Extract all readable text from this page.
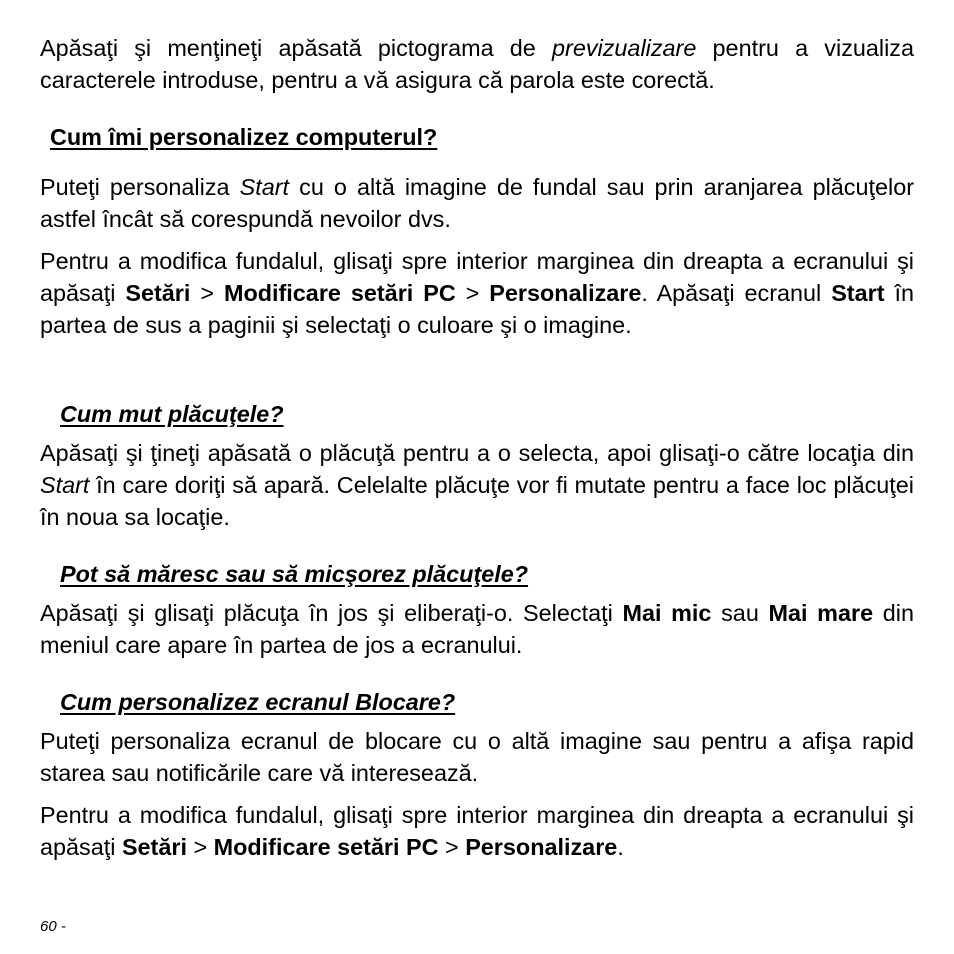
Apăsaţi şi menţineţi apăsată pictograma de previzualizare pentru a vizualiza caracterele introduse, pentru a vă asigura că parola este corectă.

Cum îmi personalizez computerul?

Puteţi personaliza Start cu o altă imagine de fundal sau prin aranjarea plăcuţelor astfel încât să corespundă nevoilor dvs.

Pentru a modifica fundalul, glisaţi spre interior marginea din dreapta a ecranului şi apăsaţi Setări > Modificare setări PC > Personalizare. Apăsaţi ecranul Start în partea de sus a paginii şi selectaţi o culoare şi o imagine.

Cum mut plăcuţele?

Apăsaţi şi ţineţi apăsată o plăcuţă pentru a o selecta, apoi glisaţi-o către locaţia din Start în care doriţi să apară. Celelalte plăcuţe vor fi mutate pentru a face loc plăcuţei în noua sa locaţie.

Pot să măresc sau să micşorez plăcuţele?

Apăsaţi şi glisaţi plăcuţa în jos şi eliberaţi-o. Selectaţi Mai mic sau Mai mare din meniul care apare în partea de jos a ecranului.

Cum personalizez ecranul Blocare?

Puteţi personaliza ecranul de blocare cu o altă imagine sau pentru a afişa rapid starea sau notificările care vă interesează.

Pentru a modifica fundalul, glisaţi spre interior marginea din dreapta a ecranului şi apăsaţi Setări > Modificare setări PC > Personalizare.

60 -
